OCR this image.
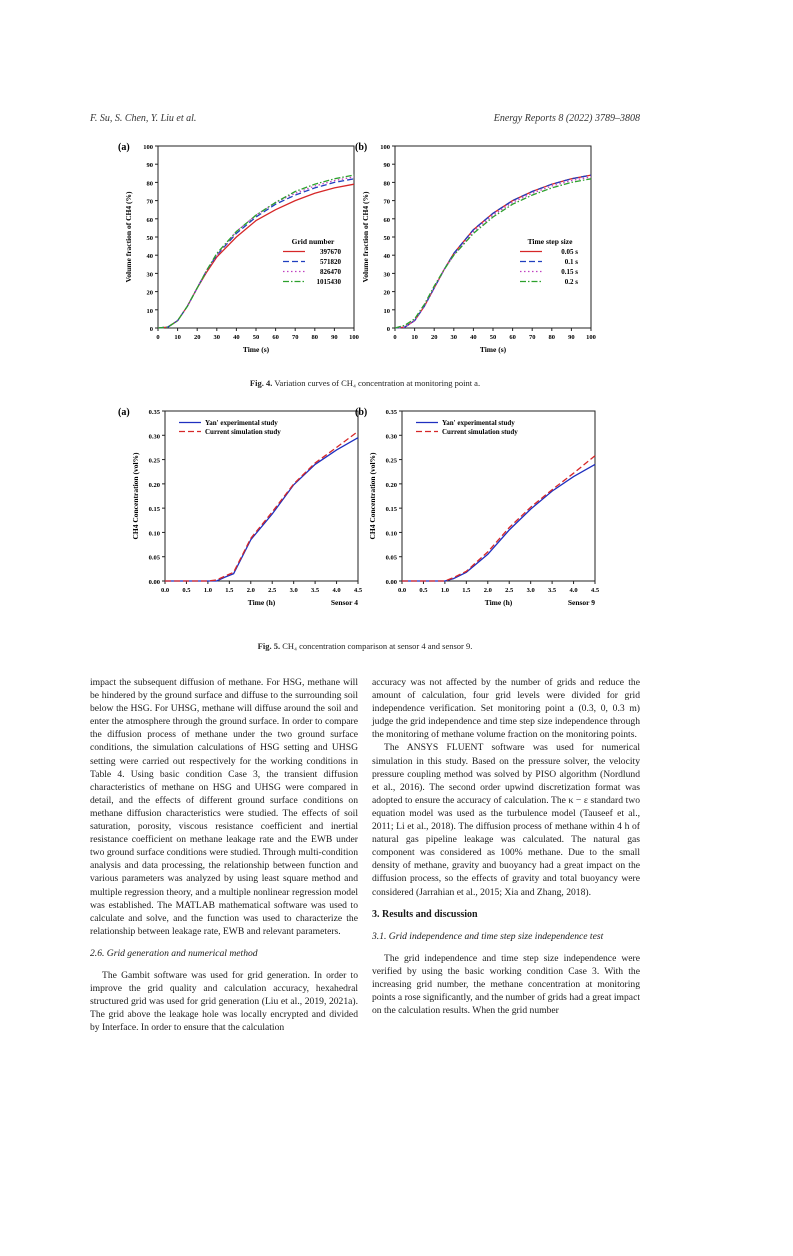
F. Su, S. Chen, Y. Liu et al.	Energy Reports 8 (2022) 3789–3808
0
10
20
30
40
50
60
70
80
90
100
0 10 20 30 40 50 60 70 80 90 100
Time (s)
Volume fraction of CH4 (%)	Grid number
397670
571820
826470
1015430
0
10
20
30
40
50
60
70
80
90
100
0 10 20 30 40 50 60 70 80 90 100
Time (s)
Volume fraction of CH4 (%)	Time step size
0.05 s
0.1 s
0.15 s
0.2 s
(a)	(b)
Fig. 4. Variation curves of CH₄ concentration at monitoring point a.
0.00
0.05
0.10
0.15
0.20
0.25
0.30
0.35
0.0 0.5 1.0 1.5 2.0 2.5 3.0 3.5 4.0 4.5
Time (h)
CH4 Concentration (vol%)
Sensor 4
Yan' experimental study
Current simulation study
0.00
0.05
0.10
0.15
0.20
0.25
0.30
0.35
0.0 0.5 1.0 1.5 2.0 2.5 3.0 3.5 4.0 4.5
Time (h)
CH4 Concentration (vol%)
Sensor 9
Yan' experimental study
Current simulation study
(a)	(b)
Fig. 5. CH₄ concentration comparison at sensor 4 and sensor 9.

impact the subsequent diffusion of methane. For HSG, methane will be hindered by the ground surface and diffuse to the surrounding soil below the HSG. For UHSG, methane will diffuse around the soil and enter the atmosphere through the ground surface. In order to compare the diffusion process of methane under the two ground surface conditions, the simulation calculations of HSG setting and UHSG setting were carried out respectively for the working conditions in Table 4. Using basic condition Case 3, the transient diffusion characteristics of methane on HSG and UHSG were compared in detail, and the effects of different ground surface conditions on methane diffusion characteristics were studied. The effects of soil saturation, porosity, viscous resistance coefficient and inertial resistance coefficient on methane leakage rate and the EWB under two ground surface conditions were studied. Through multi-condition analysis and data processing, the relationship between function and various parameters was analyzed by using least square method and multiple regression theory, and a multiple nonlinear regression model was established. The MATLAB mathematical software was used to calculate and solve, and the function was used to characterize the relationship between leakage rate, EWB and relevant parameters.

2.6. Grid generation and numerical method

The Gambit software was used for grid generation. In order to improve the grid quality and calculation accuracy, hexahedral structured grid was used for grid generation (Liu et al., 2019, 2021a). The grid above the leakage hole was locally encrypted and divided by Interface. In order to ensure that the calculation

accuracy was not affected by the number of grids and reduce the amount of calculation, four grid levels were divided for grid independence verification. Set monitoring point a (0.3, 0, 0.3 m) judge the grid independence and time step size independence through the monitoring of methane volume fraction on the monitoring points.

The ANSYS FLUENT software was used for numerical simulation in this study. Based on the pressure solver, the velocity pressure coupling method was solved by PISO algorithm (Nordlund et al., 2016). The second order upwind discretization format was adopted to ensure the accuracy of calculation. The κ − ε standard two equation model was used as the turbulence model (Tauseef et al., 2011; Li et al., 2018). The diffusion process of methane within 4 h of natural gas pipeline leakage was calculated. The natural gas component was considered as 100% methane. Due to the small density of methane, gravity and buoyancy had a great impact on the diffusion process, so the effects of gravity and total buoyancy were considered (Jarrahian et al., 2015; Xia and Zhang, 2018).

3. Results and discussion
3.1. Grid independence and time step size independence test

The grid independence and time step size independence were verified by using the basic working condition Case 3. With the increasing grid number, the methane concentration at monitoring points a rose significantly, and the number of grids had a great impact on the calculation results. When the grid number
